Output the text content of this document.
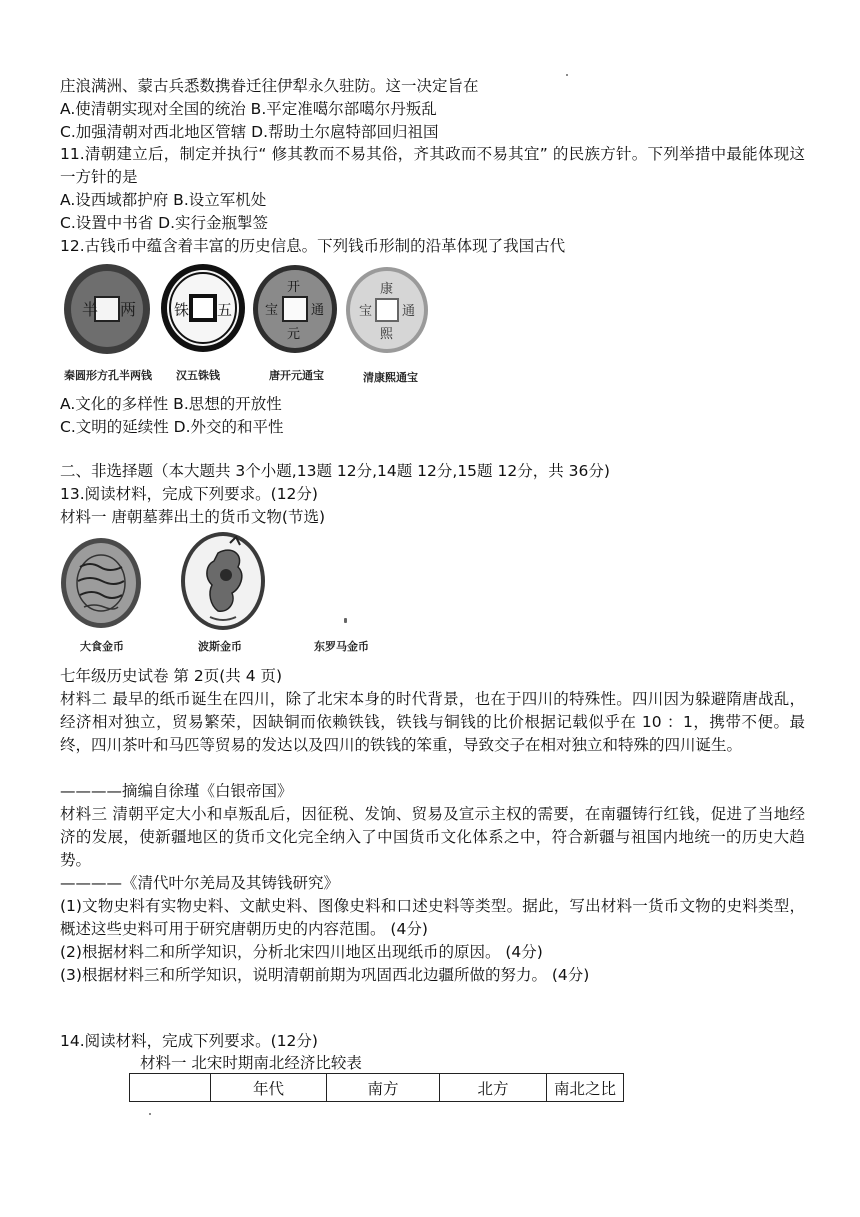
庄浪满洲、蒙古兵悉数携眷迁往伊犁永久驻防。这一决定旨在
A.使清朝实现对全国的统治 B.平定准噶尔部噶尔丹叛乱
C.加强清朝对西北地区管辖 D.帮助土尔扈特部回归祖国
11.清朝建立后，制定并执行“ 修其教而不易其俗，齐其政而不易其宜” 的民族方针。下列举措中最能体现这一方针的是
A.设西域都护府 B.设立军机处
C.设置中书省 D.实行金瓶掣签
12.古钱币中蕴含着丰富的历史信息。下列钱币形制的沿革体现了我国古代
半 两
秦圆形方孔半两钱
铢 五
汉五铢钱
开
元
通
宝
唐开元通宝
康
熙
通
宝
清康熙通宝
A.文化的多样性 B.思想的开放性
C.文明的延续性 D.外交的和平性
二、非选择题（本大题共 3个小题,13题 12分,14题 12分,15题 12分，共 36分)
13.阅读材料，完成下列要求。(12分)
材料一 唐朝墓葬出土的货币文物(节选)
大食金币	波斯金币	东罗马金币
七年级历史试卷 第 2页(共 4 页)
材料二 最早的纸币诞生在四川，除了北宋本身的时代背景，也在于四川的特殊性。四川因为躲避隋唐战乱，经济相对独立，贸易繁荣，因缺铜而依赖铁钱，铁钱与铜钱的比价根据记载似乎在 10 ：1，携带不便。最终，四川茶叶和马匹等贸易的发达以及四川的铁钱的笨重，导致交子在相对独立和特殊的四川诞生。
————摘编自徐瑾《白银帝国》
材料三 清朝平定大小和卓叛乱后，因征税、发饷、贸易及宣示主权的需要，在南疆铸行红钱，促进了当地经济的发展，使新疆地区的货币文化完全纳入了中国货币文化体系之中，符合新疆与祖国内地统一的历史大趋势。
————《清代叶尔羌局及其铸钱研究》
(1)文物史料有实物史料、文献史料、图像史料和口述史料等类型。据此，写出材料一货币文物的史料类型，概述这些史料可用于研究唐朝历史的内容范围。 (4分)
(2)根据材料二和所学知识，分析北宋四川地区出现纸币的原因。 (4分)
(3)根据材料三和所学知识，说明清朝前期为巩固西北边疆所做的努力。 (4分)
14.阅读材料，完成下列要求。(12分)
材料一 北宋时期南北经济比较表
	年代	南方	北方	南北之比
